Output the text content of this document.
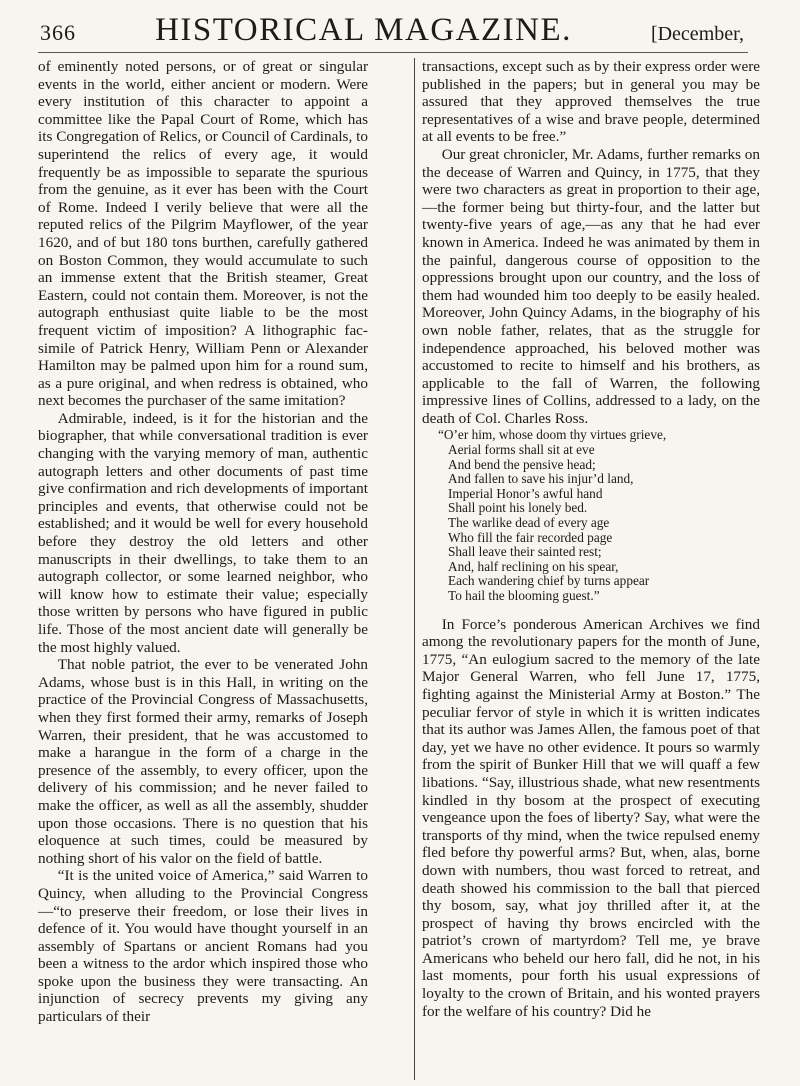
366 HISTORICAL MAGAZINE.	[December,

of eminently noted persons, or of great or singular events in the world, either ancient or modern. Were every institution of this character to appoint a committee like the Papal Court of Rome, which has its Congregation of Relics, or Council of Cardinals, to superintend the relics of every age, it would frequently be as impossible to separate the spurious from the genuine, as it ever has been with the Court of Rome. Indeed I verily believe that were all the reputed relics of the Pilgrim Mayflower, of the year 1620, and of but 180 tons burthen, carefully gathered on Boston Common, they would accumulate to such an immense extent that the British steamer, Great Eastern, could not contain them. Moreover, is not the autograph enthusiast quite liable to be the most frequent victim of imposition? A lithographic fac-simile of Patrick Henry, William Penn or Alexander Hamilton may be palmed upon him for a round sum, as a pure original, and when redress is obtained, who next becomes the purchaser of the same imitation?

Admirable, indeed, is it for the historian and the biographer, that while conversational tradition is ever changing with the varying memory of man, authentic autograph letters and other documents of past time give confirmation and rich developments of important principles and events, that otherwise could not be established; and it would be well for every household before they destroy the old letters and other manuscripts in their dwellings, to take them to an autograph collector, or some learned neighbor, who will know how to estimate their value; especially those written by persons who have figured in public life. Those of the most ancient date will generally be the most highly valued.

That noble patriot, the ever to be venerated John Adams, whose bust is in this Hall, in writing on the practice of the Provincial Congress of Massachusetts, when they first formed their army, remarks of Joseph Warren, their president, that he was accustomed to make a harangue in the form of a charge in the presence of the assembly, to every officer, upon the delivery of his commission; and he never failed to make the officer, as well as all the assembly, shudder upon those occasions. There is no question that his eloquence at such times, could be measured by nothing short of his valor on the field of battle.

“It is the united voice of America,” said Warren to Quincy, when alluding to the Provincial Congress—“to preserve their freedom, or lose their lives in defence of it. You would have thought yourself in an assembly of Spartans or ancient Romans had you been a witness to the ardor which inspired those who spoke upon the business they were transacting. An injunction of secrecy prevents my giving any particulars of their

transactions, except such as by their express order were published in the papers; but in general you may be assured that they approved themselves the true representatives of a wise and brave people, determined at all events to be free.”

Our great chronicler, Mr. Adams, further remarks on the decease of Warren and Quincy, in 1775, that they were two characters as great in proportion to their age,—the former being but thirty-four, and the latter but twenty-five years of age,—as any that he had ever known in America. Indeed he was animated by them in the painful, dangerous course of opposition to the oppressions brought upon our country, and the loss of them had wounded him too deeply to be easily healed. Moreover, John Quincy Adams, in the biography of his own noble father, relates, that as the struggle for independence approached, his beloved mother was accustomed to recite to himself and his brothers, as applicable to the fall of Warren, the following impressive lines of Collins, addressed to a lady, on the death of Col. Charles Ross.

“O’er him, whose doom thy virtues grieve,
Aerial forms shall sit at eve
And bend the pensive head;
And fallen to save his injur’d land,
Imperial Honor’s awful hand
Shall point his lonely bed.
The warlike dead of every age
Who fill the fair recorded page
Shall leave their sainted rest;
And, half reclining on his spear,
Each wandering chief by turns appear
To hail the blooming guest.”

In Force’s ponderous American Archives we find among the revolutionary papers for the month of June, 1775, “An eulogium sacred to the memory of the late Major General Warren, who fell June 17, 1775, fighting against the Ministerial Army at Boston.” The peculiar fervor of style in which it is written indicates that its author was James Allen, the famous poet of that day, yet we have no other evidence. It pours so warmly from the spirit of Bunker Hill that we will quaff a few libations. “Say, illustrious shade, what new resentments kindled in thy bosom at the prospect of executing vengeance upon the foes of liberty? Say, what were the transports of thy mind, when the twice repulsed enemy fled before thy powerful arms? But, when, alas, borne down with numbers, thou wast forced to retreat, and death showed his commission to the ball that pierced thy bosom, say, what joy thrilled after it, at the prospect of having thy brows encircled with the patriot’s crown of martyrdom? Tell me, ye brave Americans who beheld our hero fall, did he not, in his last moments, pour forth his usual expressions of loyalty to the crown of Britain, and his wonted prayers for the welfare of his country? Did he
